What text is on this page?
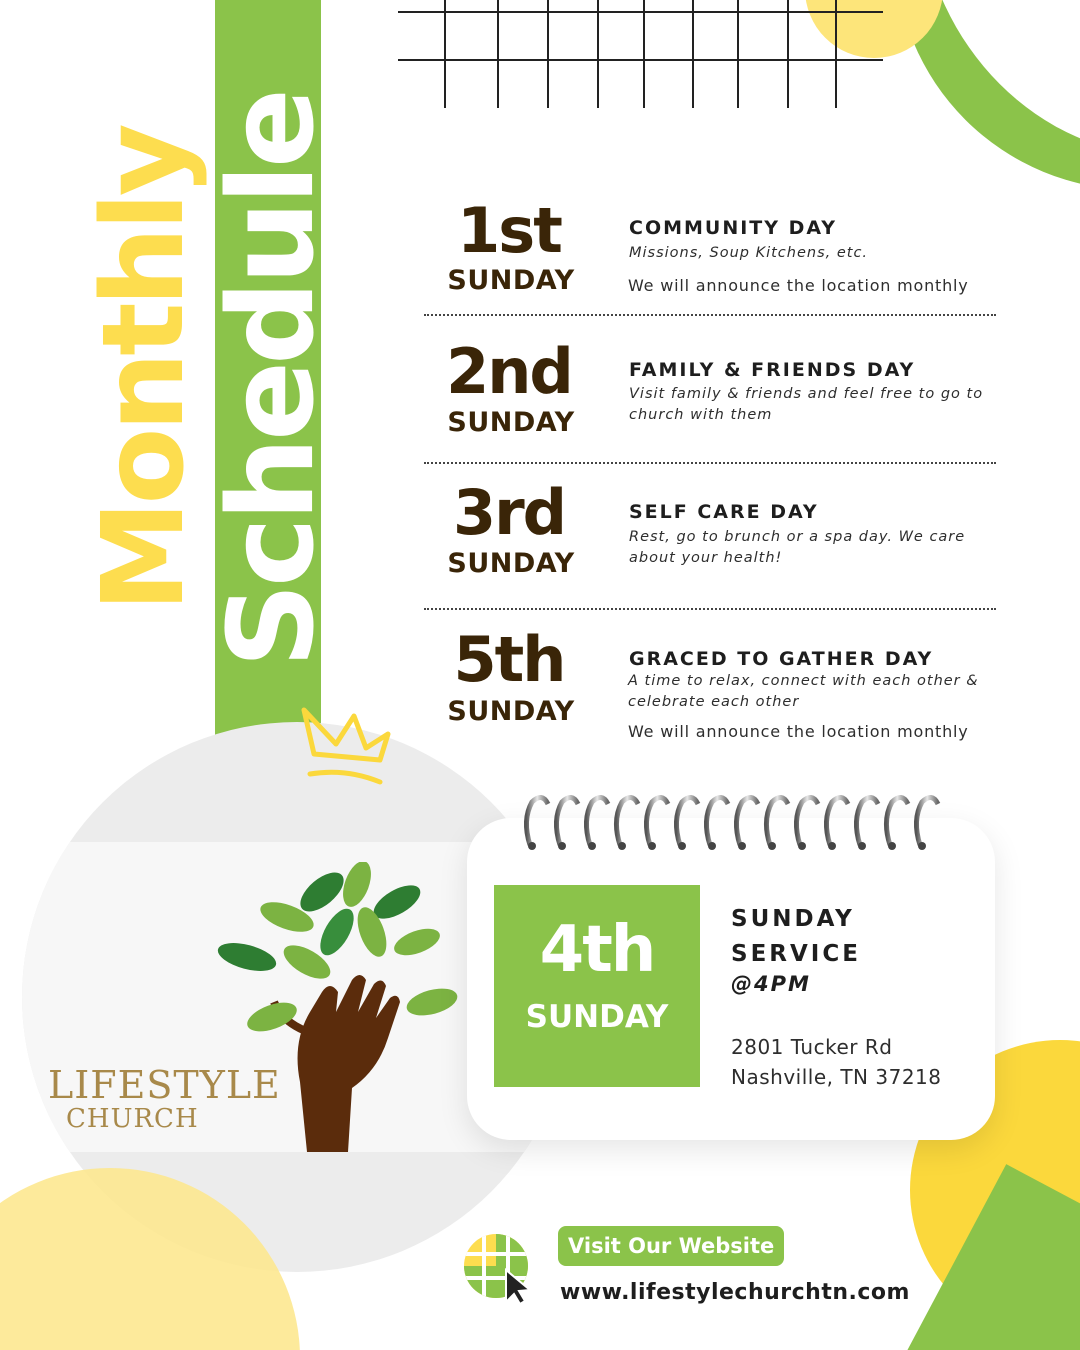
Monthly
Schedule	1st
SUNDAY
COMMUNITY DAY
Missions, Soup Kitchens, etc.
We will announce the location monthly
2nd
SUNDAY
FAMILY & FRIENDS DAY
Visit family & friends and feel free to go to church with them
3rd
SUNDAY
SELF CARE DAY
Rest, go to brunch or a spa day. We care about your health!
5th
SUNDAY
GRACED TO GATHER DAY
A time to relax, connect with each other & celebrate each other
We will announce the location monthly
LIFESTYLE
CHURCH
4th
SUNDAY
SUNDAY
SERVICE
@4PM
2801 Tucker Rd
Nashville, TN 37218
Visit Our Website
www.lifestylechurchtn.com
